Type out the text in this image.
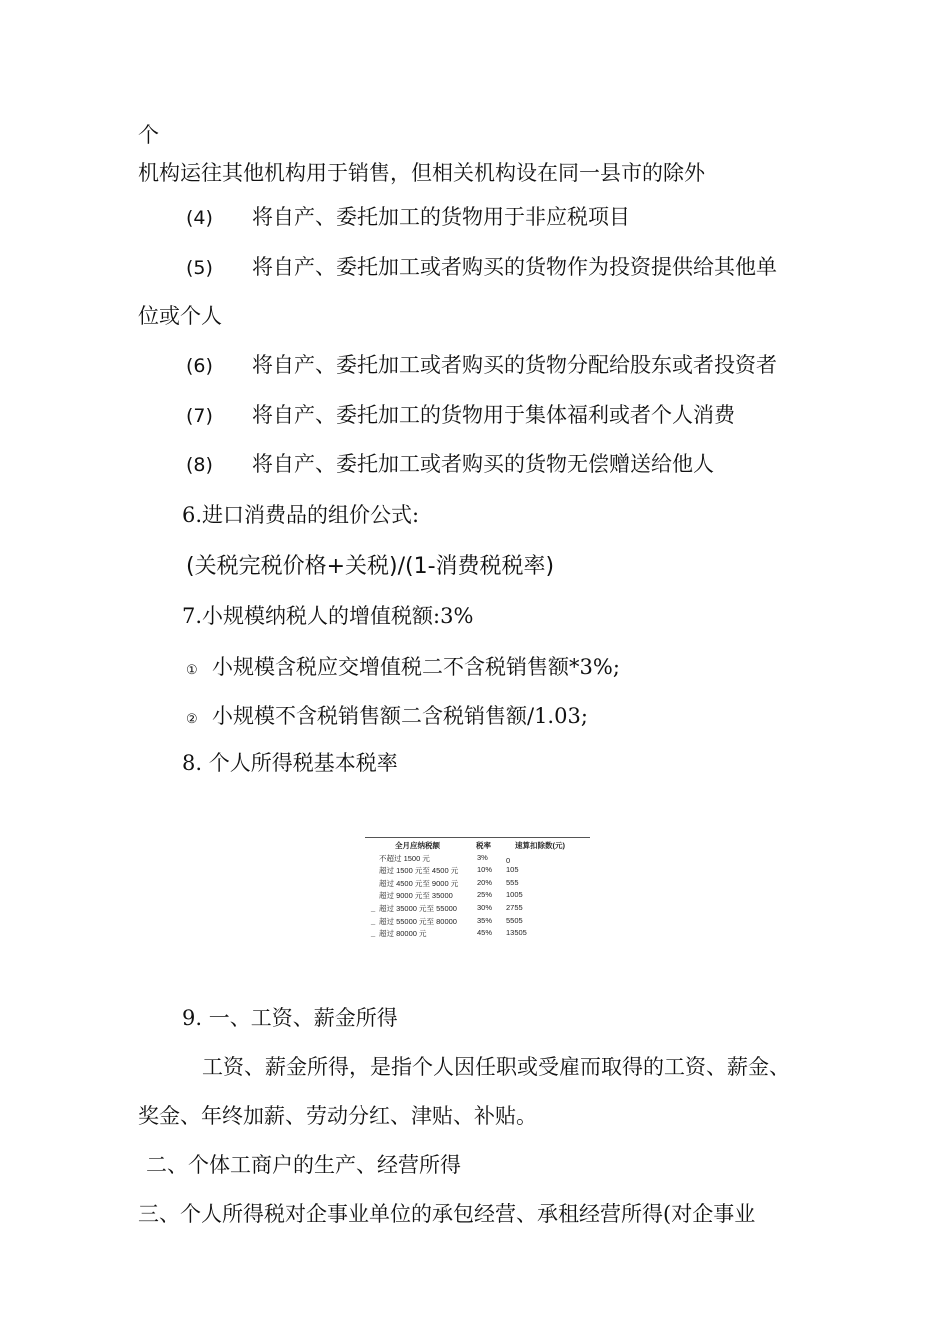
个
机构运往其他机构用于销售，但相关机构设在同一县市的除外
(4) 将自产、委托加工的货物用于非应税项目
(5) 将自产、委托加工或者购买的货物作为投资提供给其他单
位或个人
(6) 将自产、委托加工或者购买的货物分配给股东或者投资者
(7) 将自产、委托加工的货物用于集体福利或者个人消费
(8) 将自产、委托加工或者购买的货物无偿赠送给他人
6.进口消费品的组价公式:
(关税完税价格+关税)/(1-消费税税率)
7.小规模纳税人的增值税额:3%
① 小规模含税应交增值税二不含税销售额*3%;
② 小规模不含税销售额二含税销售额/1.03;
8. 个人所得税基本税率
全月应纳税额	税率	速算扣除数(元)
不超过 1500 元	3% 0
超过 1500 元至 4500 元	10% 105
超过 4500 元至 9000 元	20% 555
超过 9000 元至 35000	25% 1005
_ 超过 35000 元至 55000	30% 2755
_ 超过 55000 元至 80000	35% 5505
_ 超过 80000 元	45% 13505
9. 一、工资、薪金所得
工资、薪金所得，是指个人因任职或受雇而取得的工资、薪金、
奖金、年终加薪、劳动分红、津贴、补贴。
二、个体工商户的生产、经营所得
三、个人所得税对企事业单位的承包经营、承租经营所得(对企事业
